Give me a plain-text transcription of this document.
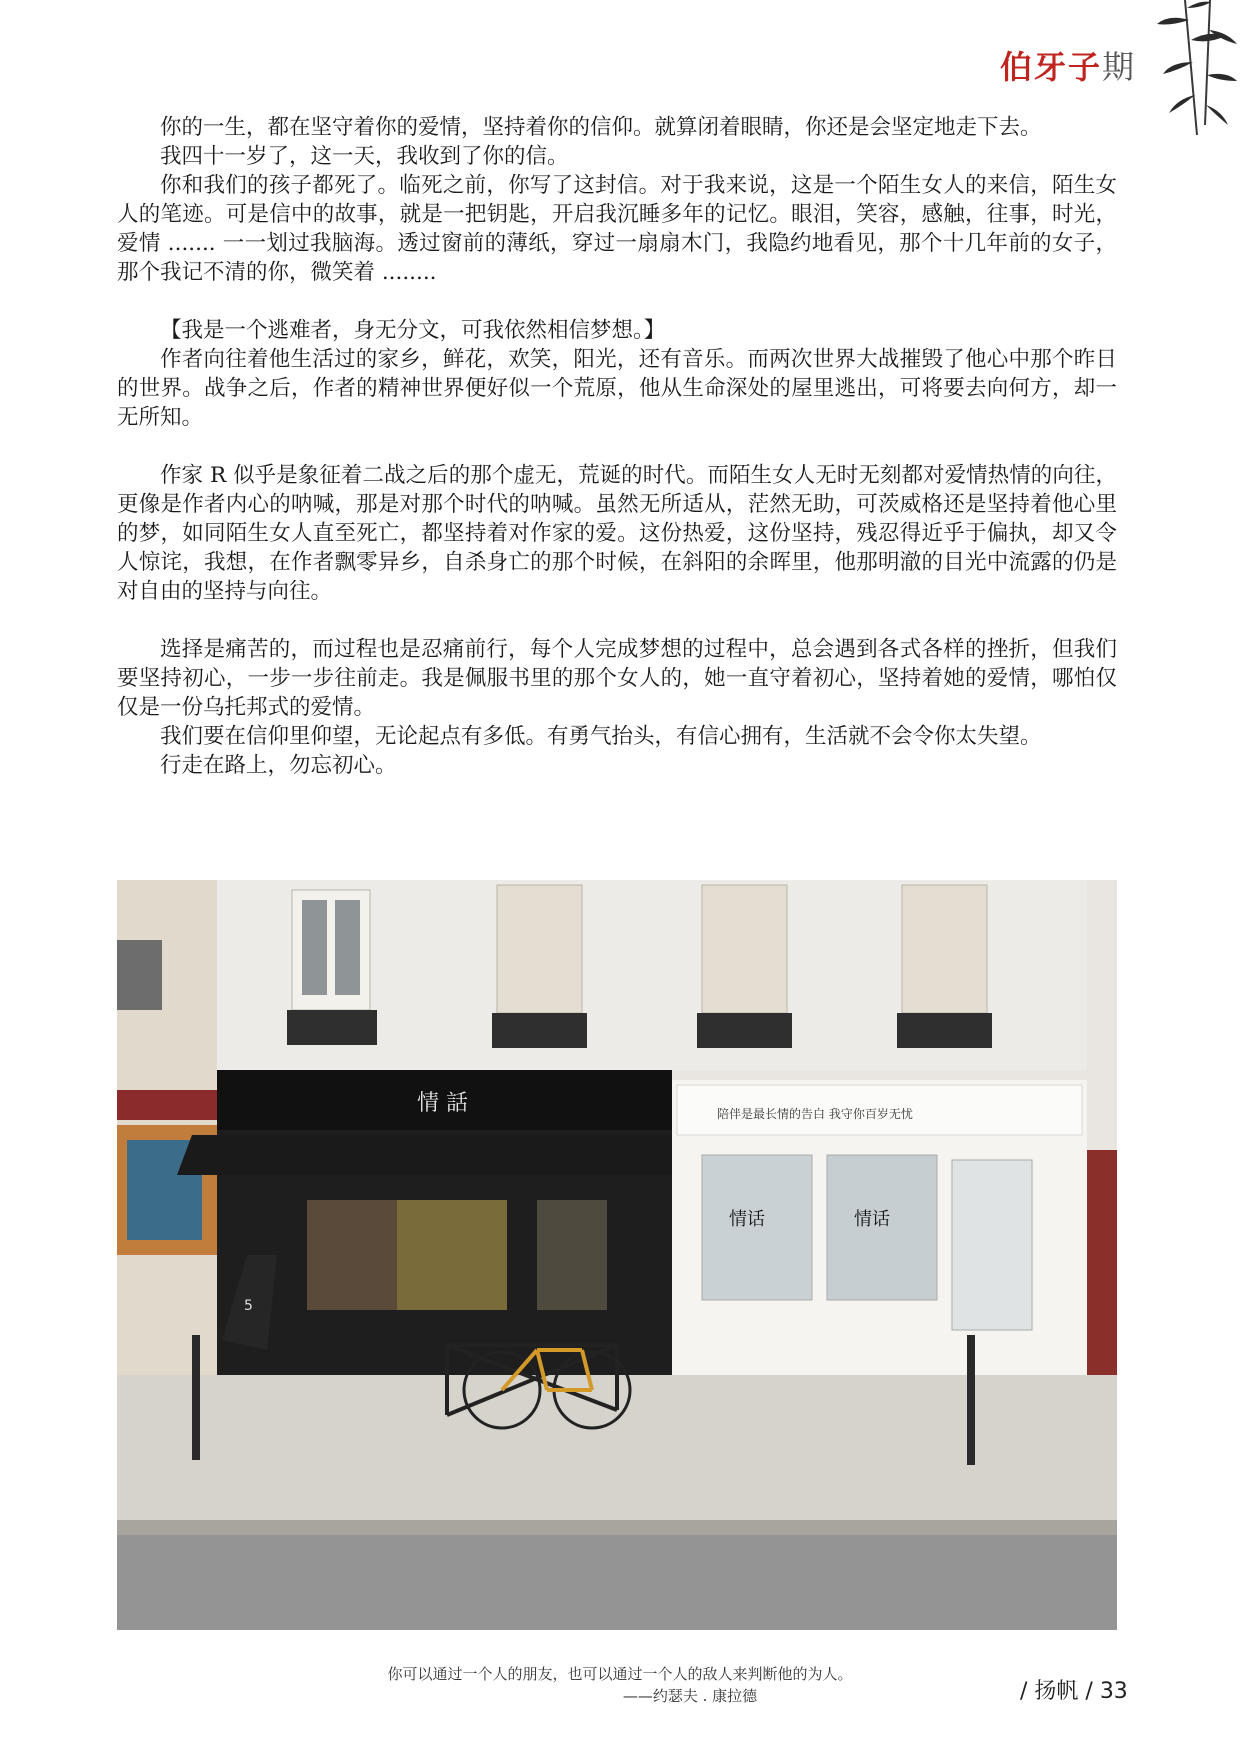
伯牙子期

你的一生，都在坚守着你的爱情，坚持着你的信仰。就算闭着眼睛，你还是会坚定地走下去。

我四十一岁了，这一天，我收到了你的信。

你和我们的孩子都死了。临死之前，你写了这封信。对于我来说，这是一个陌生女人的来信，陌生女人的笔迹。可是信中的故事，就是一把钥匙，开启我沉睡多年的记忆。眼泪，笑容，感触，往事，时光，爱情 ....... 一一划过我脑海。透过窗前的薄纸，穿过一扇扇木门，我隐约地看见，那个十几年前的女子，那个我记不清的你，微笑着 ........

【我是一个逃难者，身无分文，可我依然相信梦想。】

作者向往着他生活过的家乡，鲜花，欢笑，阳光，还有音乐。而两次世界大战摧毁了他心中那个昨日的世界。战争之后，作者的精神世界便好似一个荒原，他从生命深处的屋里逃出，可将要去向何方，却一无所知。

作家 R 似乎是象征着二战之后的那个虚无，荒诞的时代。而陌生女人无时无刻都对爱情热情的向往，更像是作者内心的呐喊，那是对那个时代的呐喊。虽然无所适从，茫然无助，可茨威格还是坚持着他心里的梦，如同陌生女人直至死亡，都坚持着对作家的爱。这份热爱，这份坚持，残忍得近乎于偏执，却又令人惊诧，我想，在作者飘零异乡，自杀身亡的那个时候，在斜阳的余晖里，他那明澈的目光中流露的仍是对自由的坚持与向往。

选择是痛苦的，而过程也是忍痛前行，每个人完成梦想的过程中，总会遇到各式各样的挫折，但我们要坚持初心，一步一步往前走。我是佩服书里的那个女人的，她一直守着初心，坚持着她的爱情，哪怕仅仅是一份乌托邦式的爱情。

我们要在信仰里仰望，无论起点有多低。有勇气抬头，有信心拥有，生活就不会令你太失望。

行走在路上，勿忘初心。

情 話
5
陪伴是最长情的告白 我守你百岁无忧
情话	情话
你可以通过一个人的朋友，也可以通过一个人的敌人来判断他的为人。
——约瑟夫 . 康拉德	/ 扬帆 / 33
